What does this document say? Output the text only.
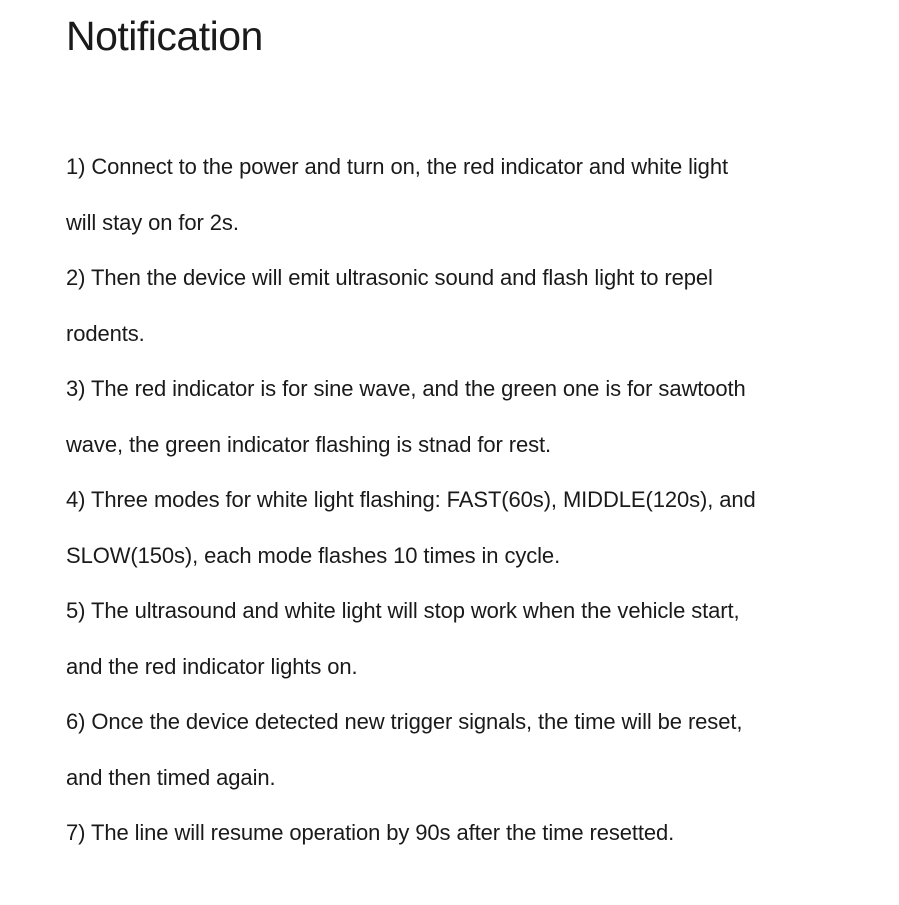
Notification
1) Connect to the power and turn on, the red indicator and white light
will stay on for 2s.
2) Then the device will emit ultrasonic sound and flash light to repel
rodents.
3) The red indicator is for sine wave, and the green one is for sawtooth
wave, the green indicator flashing is stnad for rest.
4) Three modes for white light flashing: FAST(60s), MIDDLE(120s), and
SLOW(150s), each mode flashes 10 times in cycle.
5) The ultrasound and white light will stop work when the vehicle start,
and the red indicator lights on.
6) Once the device detected new trigger signals, the time will be reset,
and then timed again.
7) The line will resume operation by 90s after the time resetted.
